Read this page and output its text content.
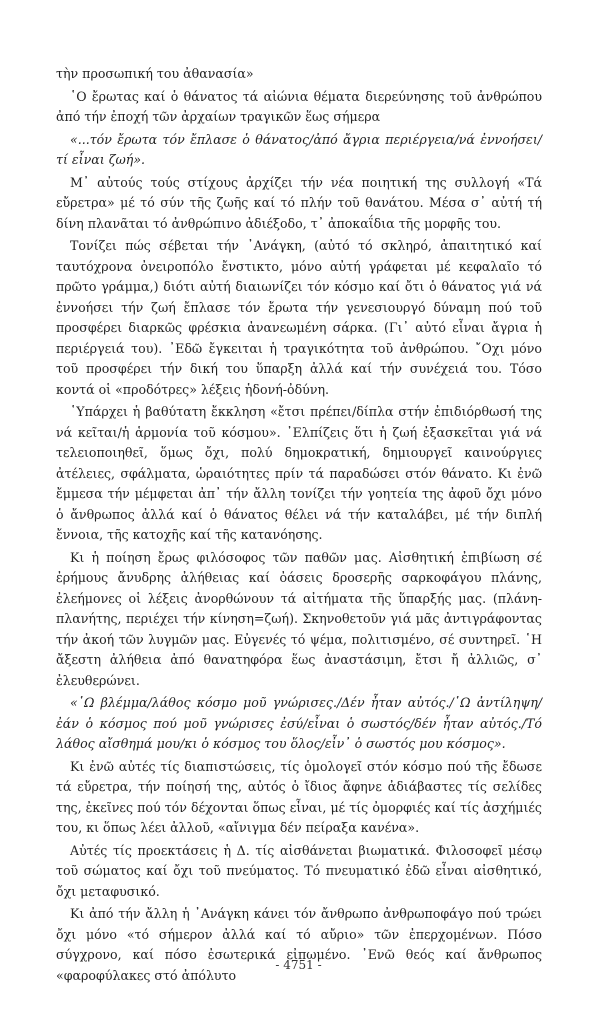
τὴν προσωπική του ἀθανασία»

῾Ο ἔρωτας καί ὁ θάνατος τά αἰώνια θέματα διερεύνησης τοῦ ἀνθρώπου ἀπό τήν ἐποχή τῶν ἀρχαίων τραγικῶν ἕως σήμερα

«...τόν ἔρωτα τόν ἔπλασε ὁ θάνατος/ἀπό ἄγρια περιέργεια/νά ἐννοήσει/τί εἶναι ζωή».

Μ᾿ αὐτούς τούς στίχους ἀρχίζει τήν νέα ποιητική της συλλογή «Τά εὔρετρα» μέ τό σύν τῆς ζωῆς καί τό πλήν τοῦ θανάτου. Μέσα σ᾿ αὐτή τή δίνη πλανᾶται τό ἀνθρώπινο ἀδιέξοδο, τ᾿ ἀποκαΐδια τῆς μορφῆς του.

Τονίζει πώς σέβεται τήν ᾿Ανάγκη, (αὐτό τό σκληρό, ἀπαιτητικό καί ταυτόχρονα ὀνειροπόλο ἔνστικτο, μόνο αὐτή γράφεται μέ κεφαλαῖο τό πρῶτο γράμμα,) διότι αὐτή διαιωνίζει τόν κόσμο καί ὄτι ὁ θάνατος γιά νά ἐννοήσει τήν ζωή ἔπλασε τόν ἔρωτα τήν γενεσιουργό δύναμη πού τοῦ προσφέρει διαρκῶς φρέσκια ἀνανεωμένη σάρκα. (Γι᾿ αὐτό εἶναι ἄγρια ἡ περιέργειά του). ᾿Εδῶ ἔγκειται ἡ τραγικότητα τοῦ ἀνθρώπου. ῎Οχι μόνο τοῦ προσφέρει τήν δική του ὕπαρξη ἀλλά καί τήν συνέχειά του. Τόσο κοντά οἱ «προδότρες» λέξεις ἡδονή-ὀδύνη.

῾Υπάρχει ἡ βαθύτατη ἔκκληση «ἔτσι πρέπει/δίπλα στήν ἐπιδιόρθωσή της νά κεῖται/ἡ ἁρμονία τοῦ κόσμου». ᾿Ελπίζεις ὅτι ἡ ζωή ἐξασκεῖται γιά νά τελειοποιηθεῖ, ὅμως ὄχι, πολύ δημοκρατική, δημιουργεῖ καινούργιες ἀτέλειες, σφάλματα, ὡραιότητες πρίν τά παραδώσει στόν θάνατο. Κι ἐνῶ ἔμμεσα τήν μέμφεται ἀπ᾿ τήν ἄλλη τονίζει τήν γοητεία της ἀφοῦ ὄχι μόνο ὁ ἄνθρωπος ἀλλά καί ὁ θάνατος θέλει νά τήν καταλάβει, μέ τήν διπλή ἔννοια, τῆς κατοχῆς καί τῆς κατανόησης.

Κι ἡ ποίηση ἔρως φιλόσοφος τῶν παθῶν μας. Αἰσθητική ἐπιβίωση σέ ἐρήμους ἄνυδρης ἀλήθειας καί ὀάσεις δροσερῆς σαρκοφάγου πλάνης, ἐλεήμονες οἱ λέξεις ἀνορθώνουν τά αἰτήματα τῆς ὕπαρξής μας. (πλάνη-πλανήτης, περιέχει τήν κίνηση=ζωή). Σκηνοθετοῦν γιά μᾶς ἀντιγράφοντας τήν ἀκοή τῶν λυγμῶν μας. Εὐγενές τό ψέμα, πολιτισμένο, σέ συντηρεῖ. ῾Η ἄξεστη ἀλήθεια ἀπό θανατηφόρα ἕως ἀναστάσιμη, ἔτσι ἤ ἀλλιῶς, σ᾿ ἐλευθερώνει.

«῾Ω βλέμμα/λάθος κόσμο μοῦ γνώρισες./Δέν ἦταν αὐτός./῾Ω ἀντίληψη/ἐάν ὁ κόσμος πού μοῦ γνώρισες ἐσύ/εἶναι ὁ σωστός/δέν ἦταν αὐτός./Τό λάθος αἴσθημά μου/κι ὁ κόσμος του ὅλος/εἶν᾿ ὁ σωστός μου κόσμος».

Κι ἐνῶ αὐτές τίς διαπιστώσεις, τίς ὁμολογεῖ στόν κόσμο πού τῆς ἔδωσε τά εὔρετρα, τήν ποίησή της, αὐτός ὁ ἴδιος ἄφηνε ἀδιάβαστες τίς σελίδες της, ἐκεῖνες πού τόν δέχονται ὅπως εἶναι, μέ τίς ὀμορφιές καί τίς ἀσχήμιές του, κι ὅπως λέει ἀλλοῦ, «αἴνιγμα δέν πείραξα κανένα».

Αὐτές τίς προεκτάσεις ἡ Δ. τίς αἰσθάνεται βιωματικά. Φιλοσοφεῖ μέσῳ τοῦ σώματος καί ὄχι τοῦ πνεύματος. Τό πνευματικό ἐδῶ εἶναι αἰσθητικό, ὄχι μεταφυσικό.

Κι ἀπό τήν ἄλλη ἡ ᾿Ανάγκη κάνει τόν ἄνθρωπο ἀνθρωποφάγο πού τρώει ὄχι μόνο «τό σήμερον ἀλλά καί τό αὔριο» τῶν ἐπερχομένων. Πόσο σύγχρονο, καί πόσο ἐσωτερικά εἰπωμένο. ᾿Ενῶ θεός καί ἄνθρωπος «φαροφύλακες στό ἀπόλυτο

- 4751 -
